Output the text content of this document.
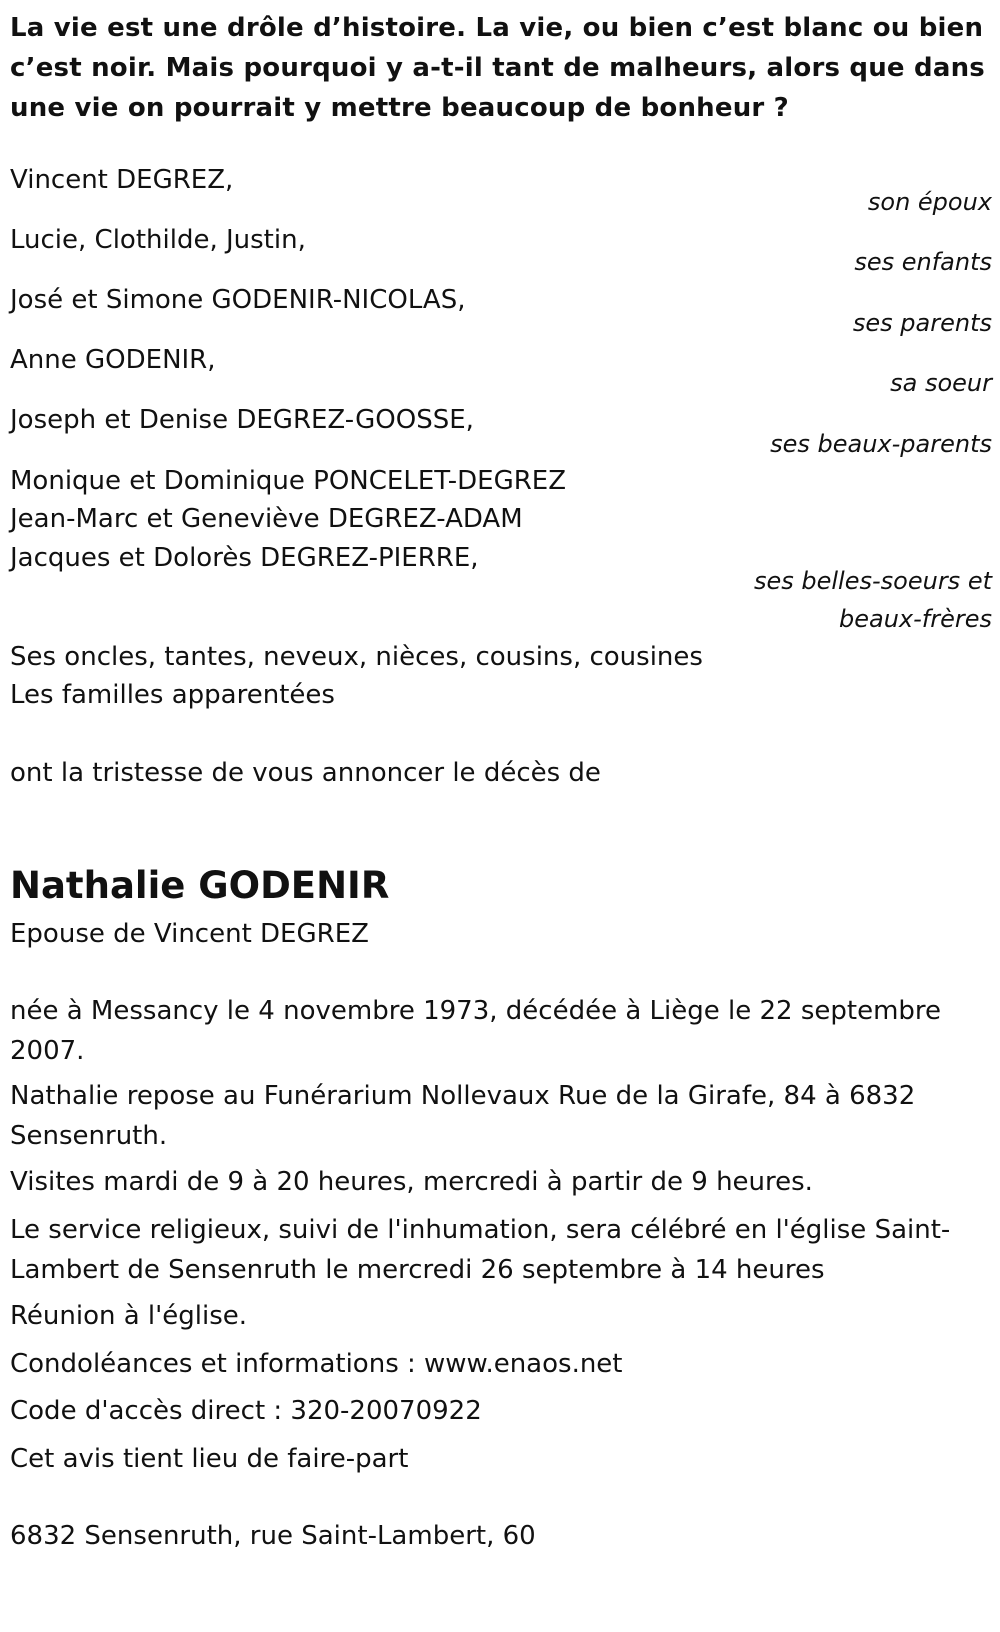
La vie est une drôle d’histoire. La vie, ou bien c’est blanc ou bien c’est noir. Mais pourquoi y a-t-il tant de malheurs, alors que dans une vie on pourrait y mettre beaucoup de bonheur ?
Vincent DEGREZ,
son époux
Lucie, Clothilde, Justin,
ses enfants
José et Simone GODENIR-NICOLAS,
ses parents
Anne GODENIR,
sa soeur
Joseph et Denise DEGREZ-GOOSSE,
ses beaux-parents
Monique et Dominique PONCELET-DEGREZ
Jean-Marc et Geneviève DEGREZ-ADAM
Jacques et Dolorès DEGREZ-PIERRE,
ses belles-soeurs et
beaux-frères
Ses oncles, tantes, neveux, nièces, cousins, cousines
Les familles apparentées
ont la tristesse de vous annoncer le décès de
Nathalie GODENIR
Epouse de Vincent DEGREZ
née à Messancy le 4 novembre 1973, décédée à Liège le 22 septembre 2007.
Nathalie repose au Funérarium Nollevaux Rue de la Girafe, 84 à 6832 Sensenruth.
Visites mardi de 9 à 20 heures, mercredi à partir de 9 heures.
Le service religieux, suivi de l'inhumation, sera célébré en l'église Saint-Lambert de Sensenruth le mercredi 26 septembre à 14 heures
Réunion à l'église.
Condoléances et informations : www.enaos.net
Code d'accès direct : 320-20070922
Cet avis tient lieu de faire-part
6832 Sensenruth, rue Saint-Lambert, 60
